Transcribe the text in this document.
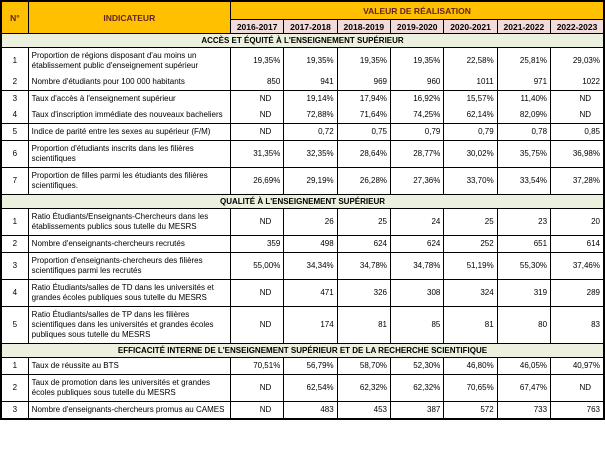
N°	INDICATEUR	VALEUR DE RÉALISATION						
		2016-2017	2017-2018	2018-2019	2019-2020	2020-2021	2021-2022	2022-2023
ACCÈS ET ÉQUITÉ À L'ENSEIGNEMENT SUPÉRIEUR								
1	Proportion de régions disposant d'au moins un établissement public d'enseignement supérieur	19,35%	19,35%	19,35%	19,35%	22,58%	25,81%	29,03%
2	Nombre d'étudiants pour 100 000 habitants	850	941	969	960	1011	971	1022
3	Taux d'accès à l'enseignement supérieur	ND	19,14%	17,94%	16,92%	15,57%	11,40%	ND
4	Taux d'inscription immédiate des nouveaux bacheliers	ND	72,88%	71,64%	74,25%	62,14%	82,09%	ND
5	Indice de parité entre les sexes au supérieur (F/M)	ND	0,72	0,75	0,79	0,79	0,78	0,85
6	Proportion d'étudiants inscrits dans les filières scientifiques	31,35%	32,35%	28,64%	28,77%	30,02%	35,75%	36,98%
7	Proportion de filles parmi les étudiants des filières scientifiques.	26,69%	29,19%	26,28%	27,36%	33,70%	33,54%	37,28%
QUALITÉ À L'ENSEIGNEMENT SUPÉRIEUR								
1	Ratio Étudiants/Enseignants-Chercheurs dans les établissements publics sous tutelle du MESRS	ND	26	25	24	25	23	20
2	Nombre d'enseignants-chercheurs recrutés	359	498	624	624	252	651	614
3	Proportion d'enseignants-chercheurs des filières scientifiques parmi les recrutés	55,00%	34,34%	34,78%	34,78%	51,19%	55,30%	37,46%
4	Ratio Étudiants/salles de TD dans les universités et grandes écoles publiques sous tutelle du MESRS	ND	471	326	308	324	319	289
5	Ratio Étudiants/salles de TP dans les filières scientifiques dans les universités et grandes écoles publiques sous tutelle du MESRS	ND	174	81	85	81	80	83
EFFICACITÉ INTERNE DE L'ENSEIGNEMENT SUPÉRIEUR ET DE LA RECHERCHE SCIENTIFIQUE								
1	Taux de réussite au BTS	70,51%	56,79%	58,70%	52,30%	46,80%	46,05%	40,97%
2	Taux de promotion dans les universités et grandes écoles publiques sous tutelle du MESRS	ND	62,54%	62,32%	62,32%	70,65%	67,47%	ND
3	Nombre d'enseignants-chercheurs promus au CAMES	ND	483	453	387	572	733	763
